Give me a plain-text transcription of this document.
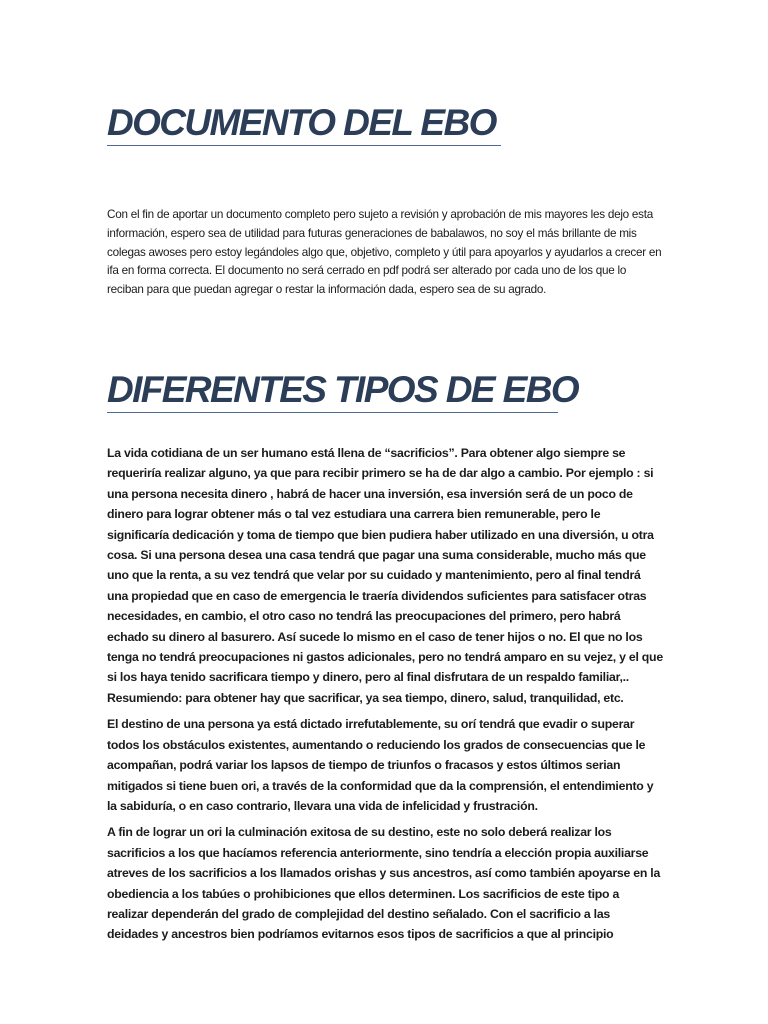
DOCUMENTO DEL EBO

Con el fin de aportar un documento completo pero sujeto a revisión y aprobación de mis mayores les dejo esta información, espero sea de utilidad para futuras generaciones de babalawos, no soy el más brillante de mis colegas awoses pero estoy legándoles algo que, objetivo, completo y útil para apoyarlos y ayudarlos a crecer en ifa en forma correcta. El documento no será cerrado en pdf podrá ser alterado por cada uno de los que lo reciban para que puedan agregar o restar la información dada, espero sea de su agrado.

DIFERENTES TIPOS DE EBO

La vida cotidiana de un ser humano está llena de “sacrificios”. Para obtener algo siempre se requeriría realizar alguno, ya que para recibir primero se ha de dar algo a cambio. Por ejemplo : si una persona necesita dinero , habrá de hacer una inversión, esa inversión será de un poco de dinero para lograr obtener más o tal vez estudiara una carrera bien remunerable, pero le significaría dedicación y toma de tiempo que bien pudiera haber utilizado en una diversión, u otra cosa. Si una persona desea una casa tendrá que pagar una suma considerable, mucho más que uno que la renta, a su vez tendrá que velar por su cuidado y mantenimiento, pero al final tendrá una propiedad que en caso de emergencia le traería dividendos suficientes para satisfacer otras necesidades, en cambio, el otro caso no tendrá las preocupaciones del primero, pero habrá echado su dinero al basurero. Así sucede lo mismo en el caso de tener hijos o no. El que no los tenga no tendrá preocupaciones ni gastos adicionales, pero no tendrá amparo en su vejez, y el que si los haya tenido sacrificara tiempo y dinero, pero al final disfrutara de un respaldo familiar,.. Resumiendo: para obtener hay que sacrificar, ya sea tiempo, dinero, salud, tranquilidad, etc.

El destino de una persona ya está dictado irrefutablemente, su orí tendrá que evadir o superar todos los obstáculos existentes, aumentando o reduciendo los grados de consecuencias que le acompañan, podrá variar los lapsos de tiempo de triunfos o fracasos y estos últimos serian mitigados si tiene buen ori, a través de la conformidad que da la comprensión, el entendimiento y la sabiduría, o en caso contrario, llevara una vida de infelicidad y frustración.

A fin de lograr un ori la culminación exitosa de su destino, este no solo deberá realizar los sacrificios a los que hacíamos referencia anteriormente, sino tendría a elección propia auxiliarse atreves de los sacrificios a los llamados orishas y sus ancestros, así como también apoyarse en la obediencia a los tabúes o prohibiciones que ellos determinen. Los sacrificios de este tipo a realizar dependerán del grado de complejidad del destino señalado. Con el sacrificio a las deidades y ancestros bien podríamos evitarnos esos tipos de sacrificios a que al principio
